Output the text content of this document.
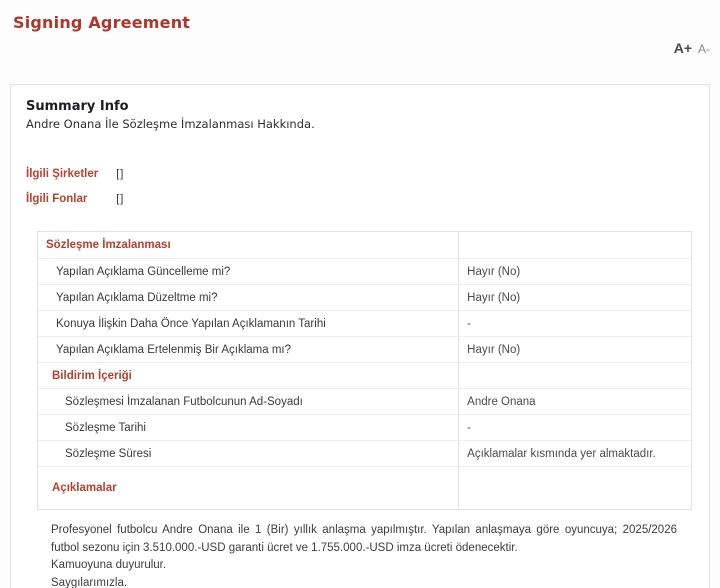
Signing Agreement
A+ A-
Summary Info
Andre Onana İle Sözleşme İmzalanması Hakkında.
İlgili Şirketler []
İlgili Fonlar	[]
Sözleşme İmzalanması
Yapılan Açıklama Güncelleme mi?	Hayır (No)
Yapılan Açıklama Düzeltme mi?	Hayır (No)
Konuya İlişkin Daha Önce Yapılan Açıklamanın Tarihi	-
Yapılan Açıklama Ertelenmiş Bir Açıklama mı?	Hayır (No)
Bildirim İçeriği
Sözleşmesi İmzalanan Futbolcunun Ad-Soyadı	Andre Onana
Sözleşme Tarihi	-
Sözleşme Süresi	Açıklamalar kısmında yer almaktadır.
Açıklamalar
Profesyonel futbolcu Andre Onana ile 1 (Bir) yıllık anlaşma yapılmıştır. Yapılan anlaşmaya göre oyuncuya; 2025/2026 futbol sezonu için 3.510.000.-USD garanti ücret ve 1.755.000.-USD imza ücreti ödenecektir.
Kamuoyuna duyurulur.
Saygılarımızla.
